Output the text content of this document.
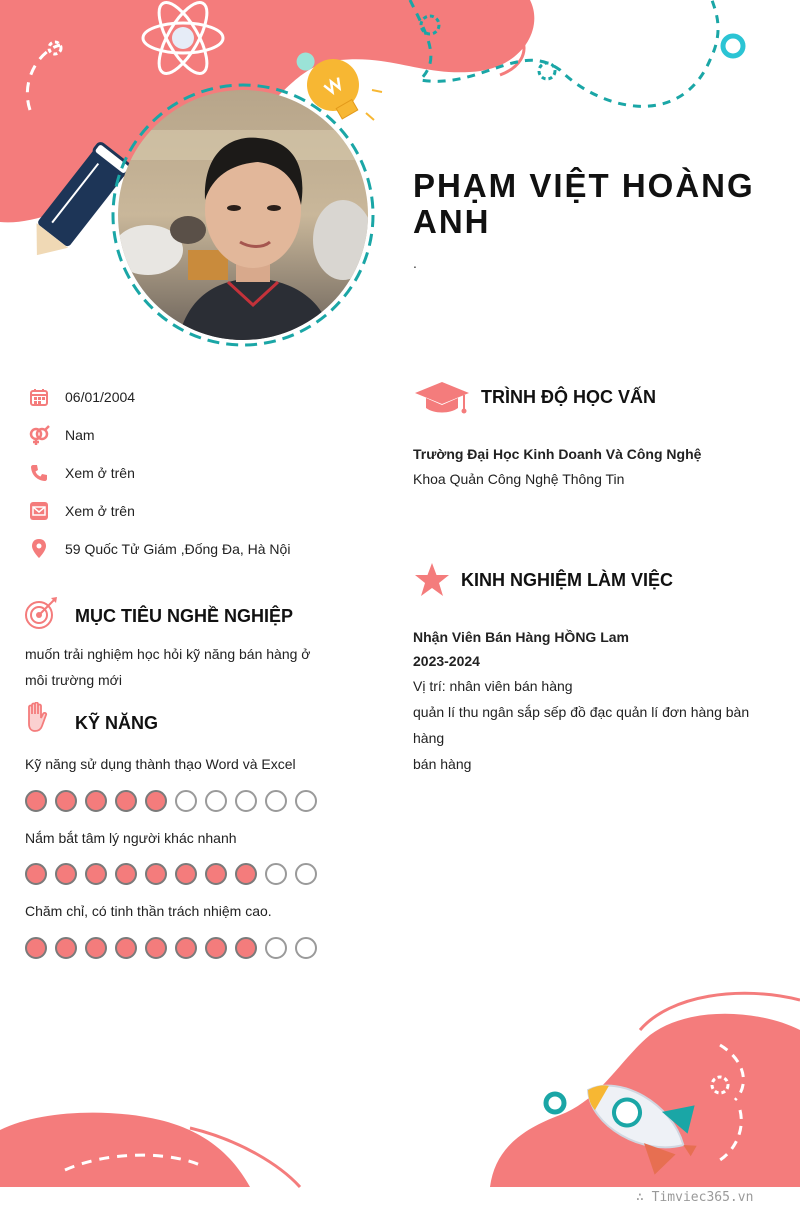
PHẠM VIỆT HOÀNG ANH
.
06/01/2004
Nam
Xem ở trên
Xem ở trên
59 Quốc Tử Giám ,Đống Đa, Hà Nội
MỤC TIÊU NGHỀ NGHIỆP
muốn trải nghiệm học hỏi kỹ năng bán hàng ở
môi trường mới
KỸ NĂNG
Kỹ năng sử dụng thành thạo Word và Excel
Nắm bắt tâm lý người khác nhanh
Chăm chỉ, có tinh thần trách nhiệm cao.
TRÌNH ĐỘ HỌC VẤN
Trường Đại Học Kinh Doanh Và Công Nghệ
Khoa Quản Công Nghệ Thông Tin
KINH NGHIỆM LÀM VIỆC
Nhận Viên Bán Hàng HỒNG Lam
2023-2024
Vị trí: nhân viên bán hàng
quản lí thu ngân sắp sếp đồ đạc quản lí đơn hàng bàn
hàng
bán hàng
∴ Timviec365.vn
